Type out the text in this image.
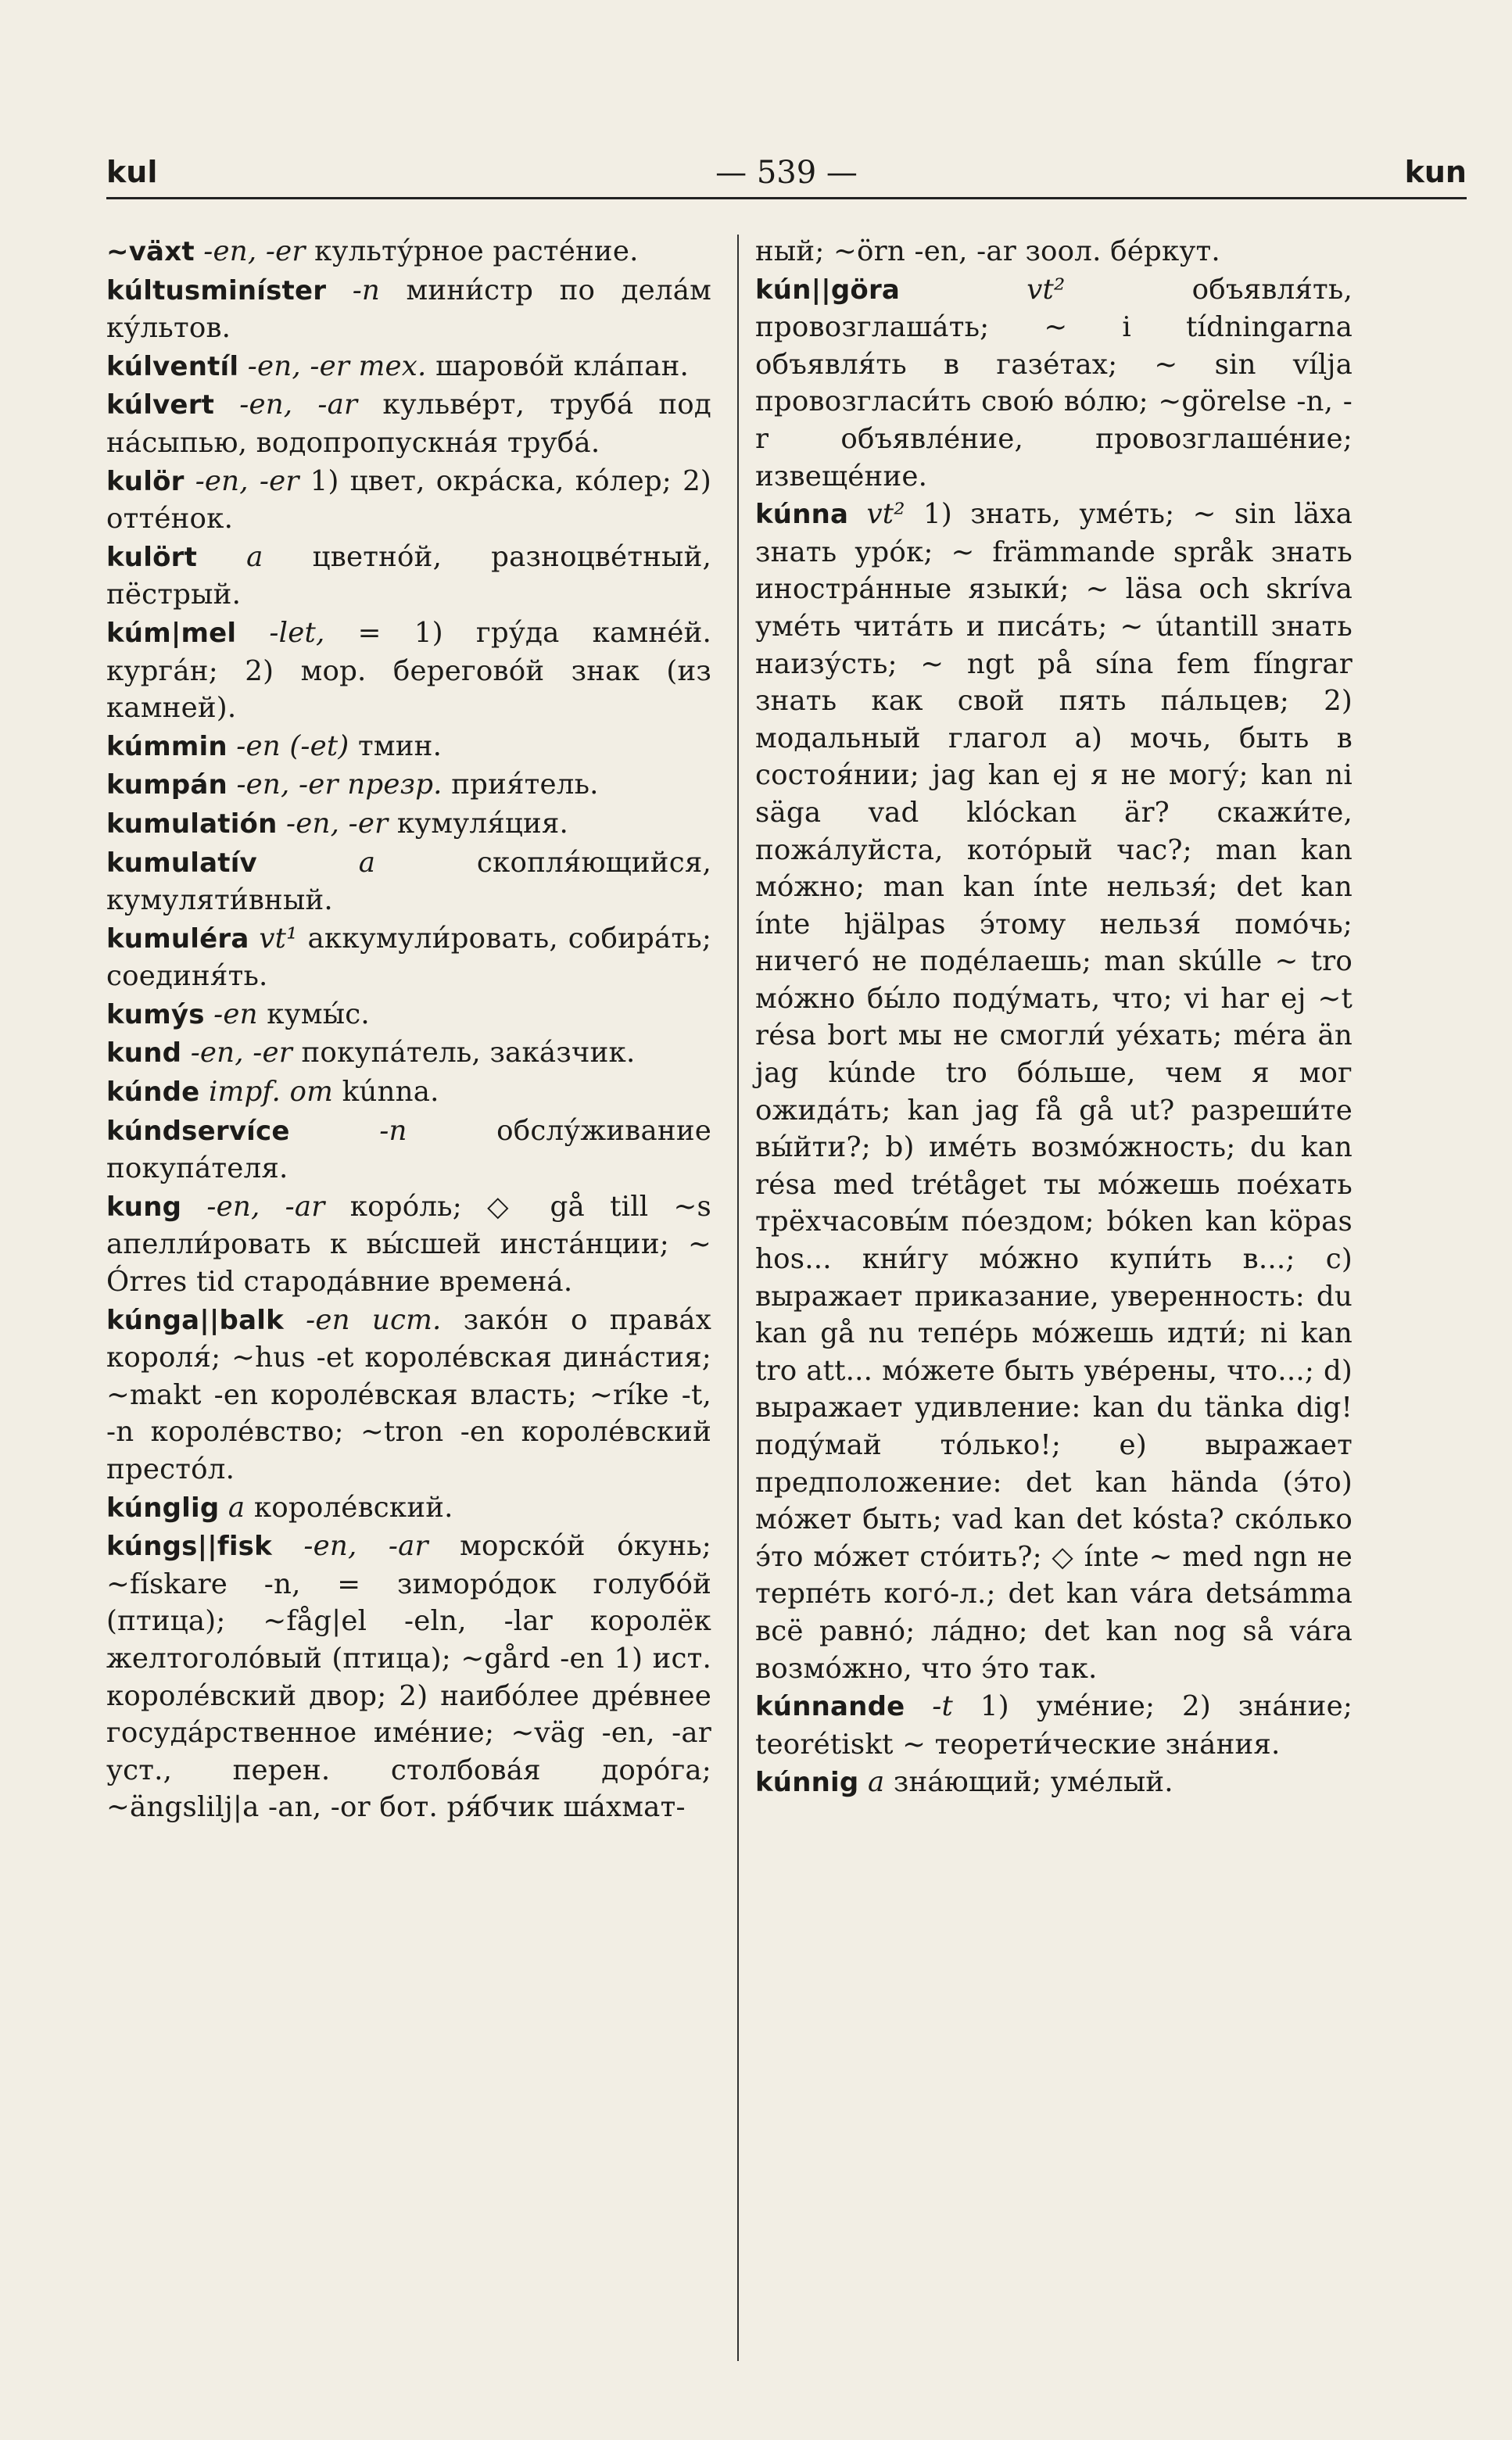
kul	— 539 —	kun
~växt -en, -er культу́рное расте́ние.
kúltusminíster -n мини́стр по дела́м ку́льтов.
kúlventíl -en, -er тех. шарово́й кла́пан.
kúlvert -en, -ar кульве́рт, труба́ под на́сыпью, водопропускна́я труба́.
kulör -en, -er 1) цвет, окра́ска, ко́лер; 2) отте́нок.
kulört a цветно́й, разноцве́тный, пёстрый.
kúm|mel -let, = 1) гру́да камне́й. курга́н; 2) мор. берегово́й знак (из камней).
kúmmin -en (-et) тмин.
kumpán -en, -er презр. прия́тель.
kumulatión -en, -er кумуля́ция.
kumulatív	a	скопля́ющийся, кумуляти́вный.
kumuléra vt¹ аккумули́ровать, собира́ть; соединя́ть.
kumýs -en кумы́с.
kund -en, -er покупа́тель, зака́зчик.
kúnde impf. om kúnna.
kúndservíce	-n	обслу́живание покупа́теля.
kung -en, -ar коро́ль; ◇ gå till ~s апелли́ровать к вы́сшей инста́нции; ~ Órres tid старода́вние времена́.
kúnga||balk -en ист. зако́н о права́х короля́; ~hus -et короле́вская дина́стия; ~makt -en короле́вская власть; ~ríke -t, -n короле́вство; ~tron -en короле́вский престо́л.
kúnglig a короле́вский.
kúngs||fisk -en, -ar морско́й о́кунь; ~fískare -n, = зиморо́док голубо́й (птица); ~fåg|el -eln, -lar королёк желтоголо́вый (птица); ~gård -en 1) ист. короле́вский двор; 2) наибо́лее дре́внее госуда́рственное име́ние; ~väg -en, -ar уст., перен. столбова́я доро́га; ~ängslilj|a -an, -or бот. ря́бчик ша́хмат-
ный; ~örn -en, -ar зоол. бе́ркут.
kún||göra	vt²	объявля́ть, провозглаша́ть; ~ i tídningarna объявля́ть в газе́тах; ~ sin vílja провозгласи́ть свою́ во́лю; ~görelse -n, -r объявле́ние, провозглаше́ние; извеще́ние.
kúnna vt² 1) знать, уме́ть; ~ sin läxa знать уро́к; ~ främmande språk знать иностра́нные языки́; ~ läsa och skríva уме́ть чита́ть и писа́ть; ~ útantill знать наизу́сть; ~ ngt på sína fem fíngrar знать как свой пять па́льцев; 2) модальный глагол а) мочь, быть в состоя́нии; jag kan ej я не могу́; kan ni säga vad klóckan är? скажи́те, пожа́луйста, кото́рый час?; man kan мо́жно; man kan ínte нельзя́; det kan ínte hjälpas э́тому нельзя́ помо́чь; ничего́ не поде́лаешь; man skúlle ~ tro мо́жно бы́ло поду́мать, что; vi har ej ~t résa bort мы не смогли́ уе́хать; méra än jag kúnde tro бо́льше, чем я мог ожида́ть; kan jag få gå ut? разреши́те вы́йти?; b) име́ть возмо́жность; du kan résa med trétåget ты мо́жешь пое́хать трёхчасовы́м по́ездом; bóken kan köpas hos... кни́гу мо́жно купи́ть в...; c) выражает приказание, уверенность: du kan gå nu тепе́рь мо́жешь идти́; ni kan tro att... мо́жете быть уве́рены, что...; d) выражает удивление: kan du tänka dig! поду́май то́лько!; e) выражает предположение: det kan hända (э́то) мо́жет быть; vad kan det kósta? ско́лько э́то мо́жет сто́ить?; ◇ ínte ~ med ngn не терпе́ть кого́-л.; det kan vára detsámma всё равно́; ла́дно; det kan nog så vára возмо́жно, что э́то так.
kúnnande -t 1) уме́ние; 2) зна́ние; teorétiskt ~ теорети́ческие зна́ния.
kúnnig a зна́ющий; уме́лый.
